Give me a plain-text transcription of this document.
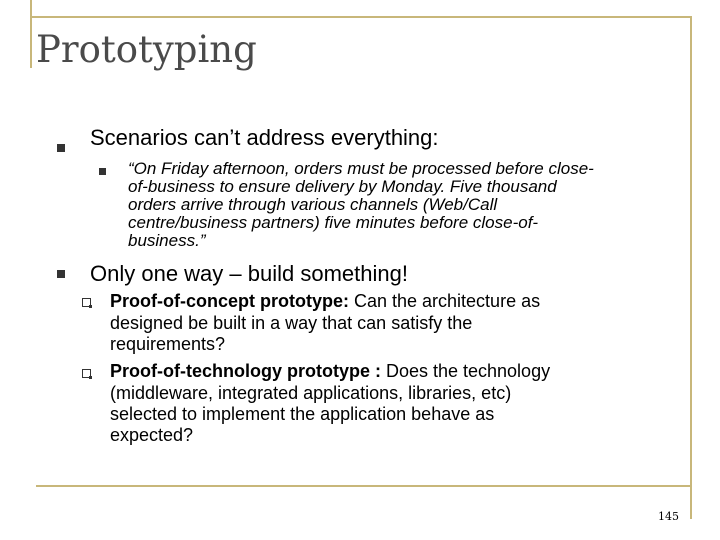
Prototyping

Scenarios can’t address everything:

“On Friday afternoon, orders must be processed before close-

of-business to ensure delivery by Monday. Five thousand

orders arrive through various channels (Web/Call

centre/business partners) five minutes before close-of-

business.”

Only one way – build something!

Proof-of-concept prototype: Can the architecture as

designed be built in a way that can satisfy the

requirements?

Proof-of-technology prototype : Does the technology

(middleware, integrated applications, libraries, etc)

selected to implement the application behave as

expected?

145
